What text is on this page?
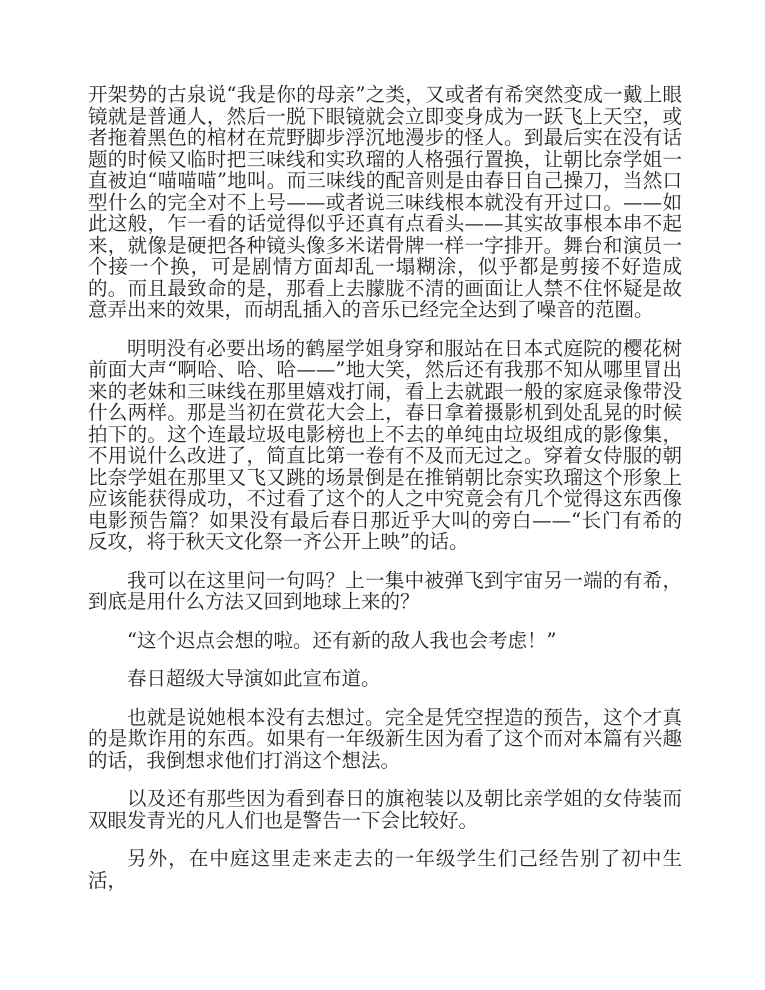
开架势的古泉说“我是你的母亲”之类，又或者有希突然变成一戴上眼镜就是普通人，然后一脱下眼镜就会立即变身成为一跃飞上天空，或者拖着黑色的棺材在荒野脚步浮沉地漫步的怪人。到最后实在没有话题的时候又临时把三味线和实玖瑠的人格强行置换，让朝比奈学姐一直被迫“喵喵喵”地叫。而三味线的配音则是由春日自己操刀，当然口型什么的完全对不上号——或者说三味线根本就没有开过口。——如此这般，乍一看的话觉得似乎还真有点看头——其实故事根本串不起来，就像是硬把各种镜头像多米诺骨牌一样一字排开。舞台和演员一个接一个换，可是剧情方面却乱一塌糊涂，似乎都是剪接不好造成的。而且最致命的是，那看上去朦胧不清的画面让人禁不住怀疑是故意弄出来的效果，而胡乱插入的音乐已经完全达到了噪音的范圈。

明明没有必要出场的鹤屋学姐身穿和服站在日本式庭院的樱花树前面大声“啊哈、哈、哈——”地大笑，然后还有我那不知从哪里冒出来的老妹和三味线在那里嬉戏打闹，看上去就跟一般的家庭录像带没什么两样。那是当初在赏花大会上，春日拿着摄影机到处乱晃的时候拍下的。这个连最垃圾电影榜也上不去的单纯由垃圾组成的影像集，不用说什么改进了，简直比第一卷有不及而无过之。穿着女侍服的朝比奈学姐在那里又飞又跳的场景倒是在推销朝比奈实玖瑠这个形象上应该能获得成功，不过看了这个的人之中究竟会有几个觉得这东西像电影预告篇？如果没有最后春日那近乎大叫的旁白——“长门有希的反攻，将于秋天文化祭一齐公开上映”的话。

我可以在这里问一句吗？上一集中被弹飞到宇宙另一端的有希，到底是用什么方法又回到地球上来的？

“这个迟点会想的啦。还有新的敌人我也会考虑！”

春日超级大导演如此宣布道。

也就是说她根本没有去想过。完全是凭空捏造的预告，这个才真的是欺诈用的东西。如果有一年级新生因为看了这个而对本篇有兴趣的话，我倒想求他们打消这个想法。

以及还有那些因为看到春日的旗袍装以及朝比亲学姐的女侍装而双眼发青光的凡人们也是警告一下会比较好。

另外，在中庭这里走来走去的一年级学生们己经告别了初中生活，
